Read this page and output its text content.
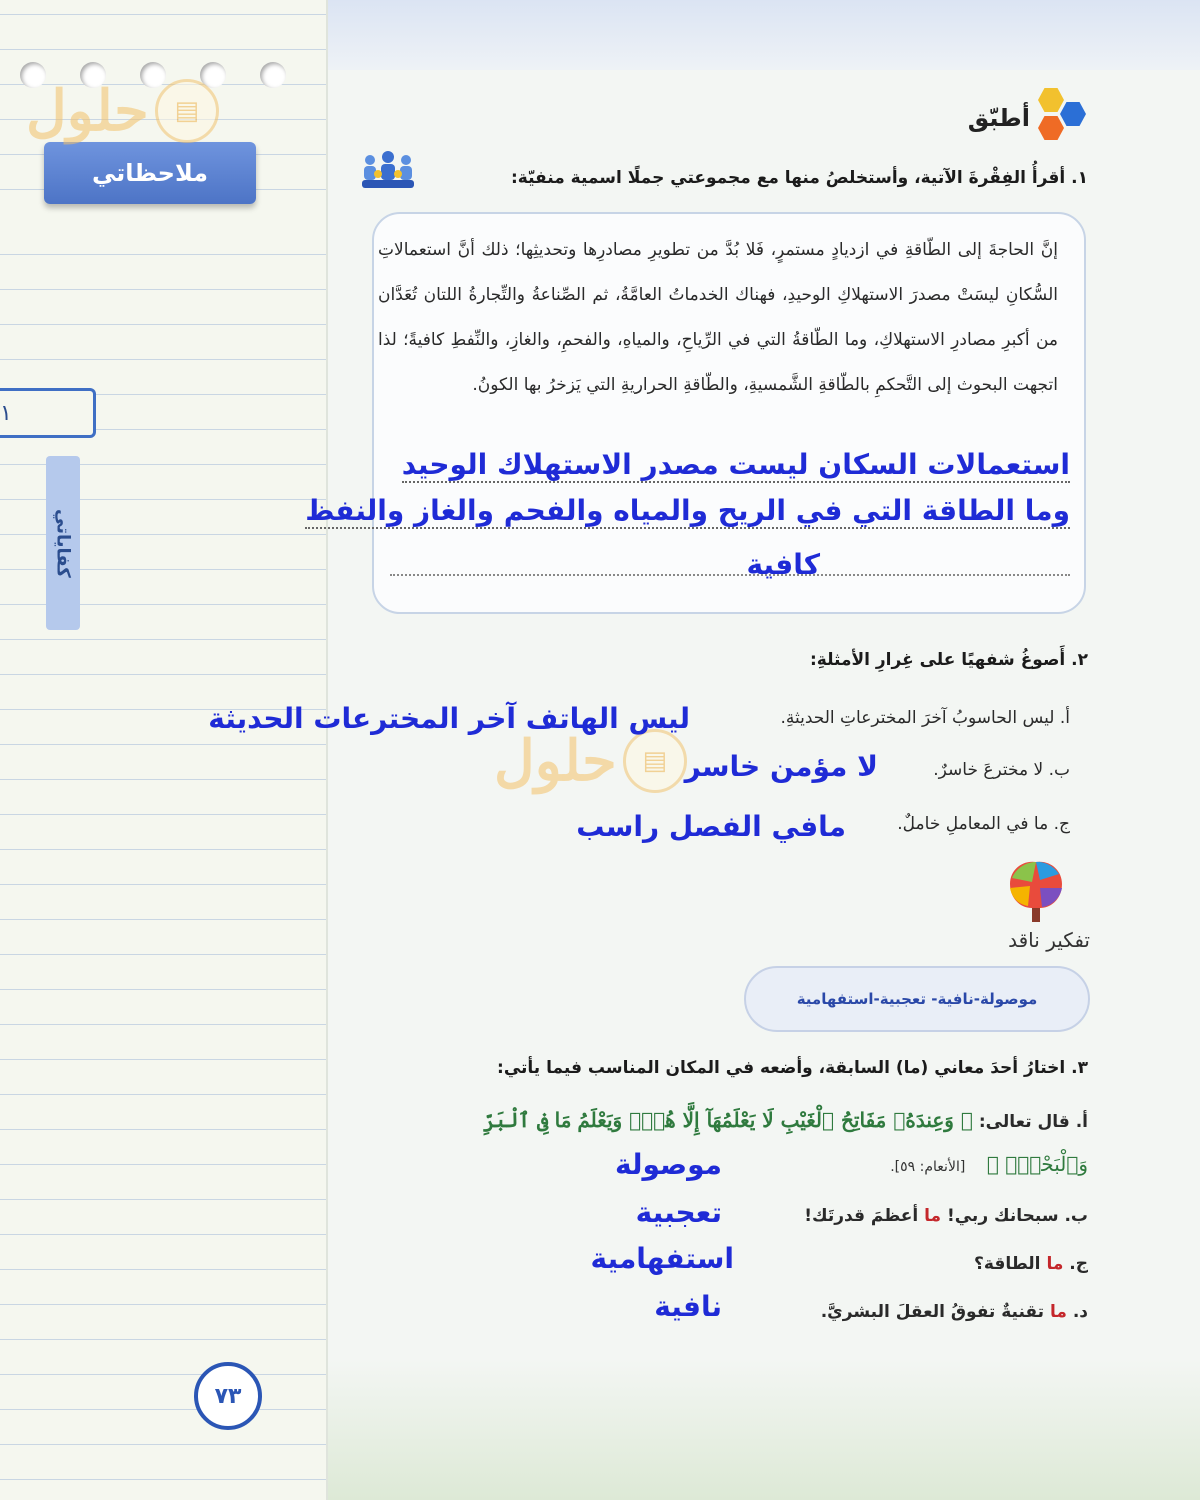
ملاحظاتي
١
كفاياتي
٧٣
▤
حلول
▤
حلول
أطبّق
١. أقرأُ الفِقْرةَ الآتية، وأستخلصُ منها مع مجموعتي جملًا اسمية منفيّة:
إنَّ الحاجةَ إلى الطّاقةِ في ازديادٍ مستمرٍ، فَلا بُدَّ من تطويرِ مصادرِها وتحديثِها؛ ذلك أنَّ استعمالاتِ السُّكانِ ليسَتْ مصدرَ الاستهلاكِ الوحيدِ، فهناك الخدماتُ العامَّةُ، ثم الصِّناعةُ والتِّجارةُ اللتان تُعَدَّان من أكبرِ مصادرِ الاستهلاكِ، وما الطّاقةُ التي في الرِّياحِ، والمياهِ، والفحمِ، والغازِ، والنِّفطِ كافيةً؛ لذا اتجهت البحوث إلى التَّحكمِ بالطّاقةِ الشَّمسيةِ، والطّاقةِ الحراريةِ التي يَزخرُ بها الكونُ.
استعمالات السكان ليست مصدر الاستهلاك الوحيد
وما الطاقة التي في الريح والمياه والفحم والغاز والنفظ
كافية
٢. أَصوغُ شفهيًا على غِرارِ الأمثلةِ:
أ. ليس الحاسوبُ آخرَ المخترعاتِ الحديثةِ.
ليس الهاتف آخر المخترعات الحديثة
ب. لا مخترعَ خاسرٌ.
لا مؤمن خاسر
ج. ما في المعاملِ خاملٌ.
مافي الفصل راسب
تفكير ناقد
موصولة-نافية- تعجبية-استفهامية
٣. اختارُ أحدَ معاني (ما) السابقة، وأضعه في المكان المناسب فيما يأتي:
أ. قال تعالى: ﴿ وَعِندَهُۥ مَفَاتِحُ ٱلْغَيْبِ لَا يَعْلَمُهَآ إِلَّا هُوَۚ وَيَعْلَمُ مَا فِى ٱلْبَرِّ
وَٱلْبَحْرِۚ ﴾    [الأنعام: ٥٩].
موصولة
ب. سبحانك ربي! ما أعظمَ قدرتَك!
تعجبية
ج. ما الطاقة؟
استفهامية
د. ما تقنيةٌ تفوقُ العقلَ البشريَّ.
نافية
